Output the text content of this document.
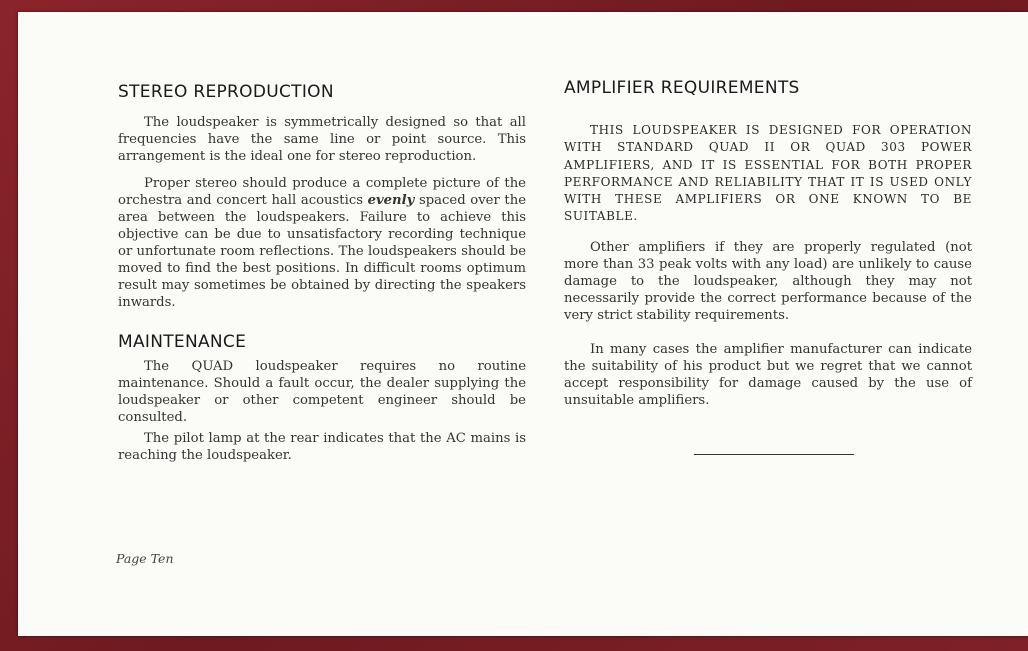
STEREO REPRODUCTION

The loudspeaker is symmetrically designed so that all frequencies have the same line or point source. This arrangement is the ideal one for stereo reproduction.

Proper stereo should produce a complete picture of the orchestra and concert hall acoustics evenly spaced over the area between the loudspeakers. Failure to achieve this objective can be due to unsatisfactory recording technique or unfortunate room reflections. The loudspeakers should be moved to find the best positions. In difficult rooms optimum result may sometimes be obtained by directing the speakers inwards.

MAINTENANCE

The QUAD loudspeaker requires no routine maintenance. Should a fault occur, the dealer supplying the loudspeaker or other competent engineer should be consulted.

The pilot lamp at the rear indicates that the AC mains is reaching the loudspeaker.

AMPLIFIER REQUIREMENTS

THIS LOUDSPEAKER IS DESIGNED FOR OPERATION WITH STANDARD QUAD II OR QUAD 303 POWER AMPLIFIERS, AND IT IS ESSENTIAL FOR BOTH PROPER PERFORMANCE AND RELIABILITY THAT IT IS USED ONLY WITH THESE AMPLIFIERS OR ONE KNOWN TO BE SUITABLE.

Other amplifiers if they are properly regulated (not more than 33 peak volts with any load) are unlikely to cause damage to the loudspeaker, although they may not necessarily provide the correct performance because of the very strict stability requirements.

In many cases the amplifier manufacturer can indicate the suitability of his product but we regret that we cannot accept responsibility for damage caused by the use of unsuitable amplifiers.

Page Ten
